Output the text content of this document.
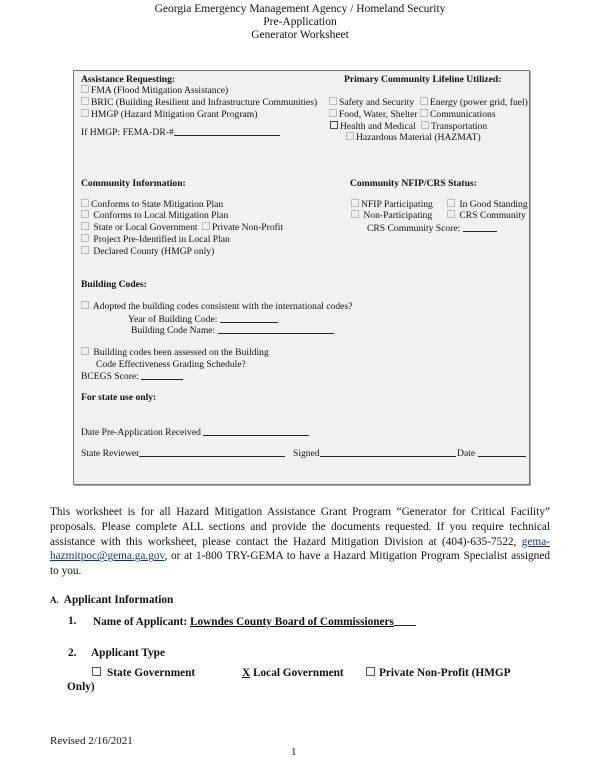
Georgia Emergency Management Agency / Homeland Security
Pre-Application
Generator Worksheet
Assistance Requesting:
FMA (Flood Mitigation Assistance)
BRIC (Building Resilient and Infrastructure Communities)
HMGP (Hazard Mitigation Grant Program)
If HMGP: FEMA-DR-#
Primary Community Lifeline Utilized:
Safety and Security	Energy (power grid, fuel)
Food, Water, Shelter	Communications
Health and Medical	Transportation
Hazardous Material (HAZMAT)
Community Information:
Conforms to State Mitigation Plan
Conforms to Local Mitigation Plan
State or Local Government	Private Non-Profit
Project Pre-Identified in Local Plan
Declared County (HMGP only)
Community NFIP/CRS Status:
NFIP Participating	In Good Standing
Non-Participating	CRS Community
CRS Community Score:
Building Codes:
Adopted the building codes consistent with the international codes?
Year of Building Code:
Building Code Name:
Building codes been assessed on the Building
Code Effectiveness Grading Schedule?
BCEGS Score:
For state use only:
Date Pre-Application Received
State Reviewer	Signed	Date
This worksheet is for all Hazard Mitigation Assistance Grant Program “Generator for Critical Facility” proposals. Please complete ALL sections and provide the documents requested. If you require technical assistance with this worksheet, please contact the Hazard Mitigation Division at (404)-635-7522, gema-hazmitpoc@gema.ga.gov, or at 1-800 TRY-GEMA to have a Hazard Mitigation Program Specialist assigned to you.
A. Applicant Information
1. Name of Applicant: Lowndes County Board of Commissioners
2. Applicant Type
State Government	X Local Government	Private Non-Profit (HMGP
Only)
Revised 2/16/2021
1
